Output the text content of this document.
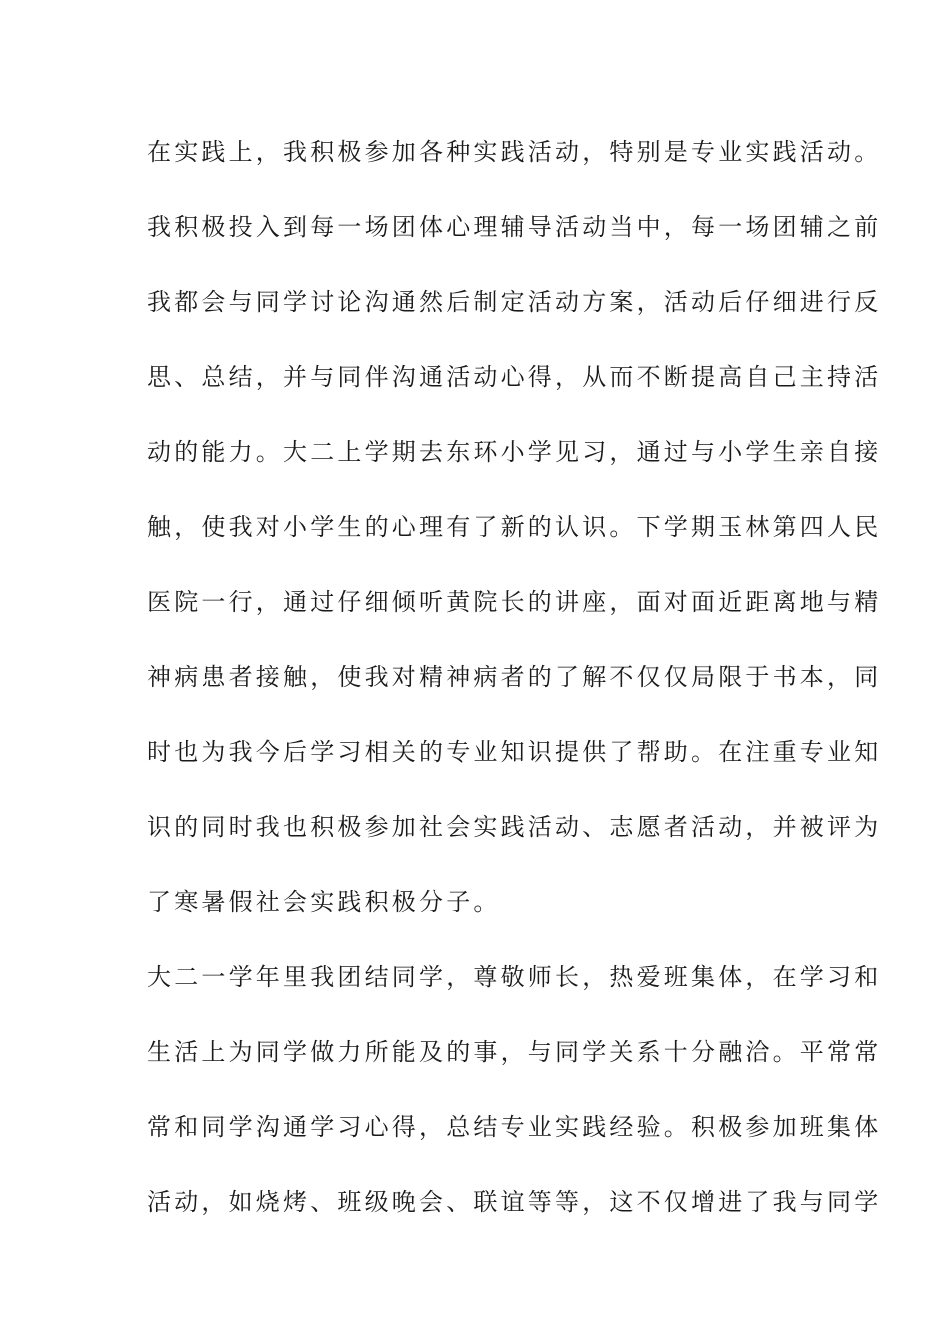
在实践上，我积极参加各种实践活动，特别是专业实践活动。
我积极投入到每一场团体心理辅导活动当中，每一场团辅之前
我都会与同学讨论沟通然后制定活动方案，活动后仔细进行反
思、总结，并与同伴沟通活动心得，从而不断提高自己主持活
动的能力。大二上学期去东环小学见习，通过与小学生亲自接
触，使我对小学生的心理有了新的认识。下学期玉林第四人民
医院一行，通过仔细倾听黄院长的讲座，面对面近距离地与精
神病患者接触，使我对精神病者的了解不仅仅局限于书本，同
时也为我今后学习相关的专业知识提供了帮助。在注重专业知
识的同时我也积极参加社会实践活动、志愿者活动，并被评为
了寒暑假社会实践积极分子。
大二一学年里我团结同学，尊敬师长，热爱班集体，在学习和
生活上为同学做力所能及的事，与同学关系十分融洽。平常常
常和同学沟通学习心得，总结专业实践经验。积极参加班集体
活动，如烧烤、班级晚会、联谊等等，这不仅增进了我与同学
